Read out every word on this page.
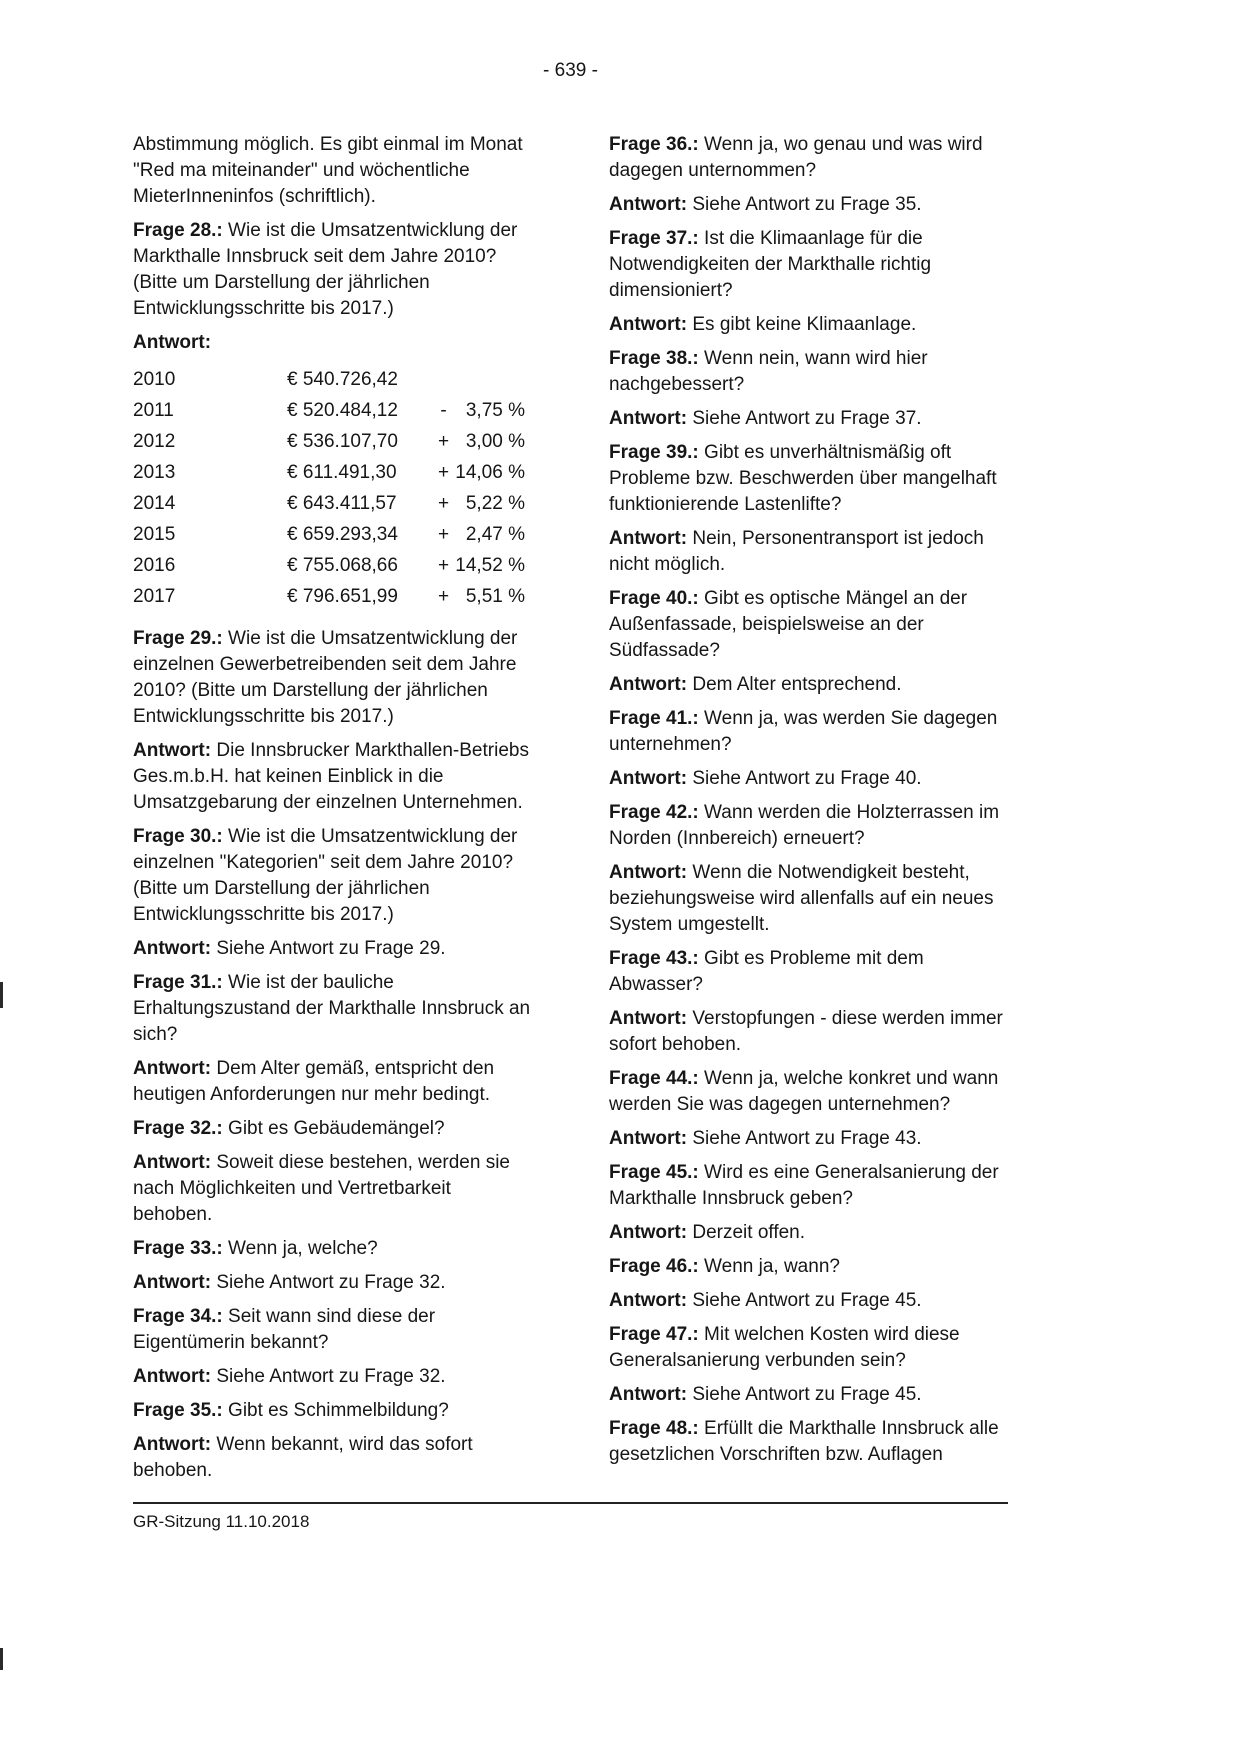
- 639 -

Abstimmung möglich. Es gibt einmal im Monat "Red ma miteinander" und wöchentliche MieterInneninfos (schriftlich).

Frage 28.: Wie ist die Umsatzentwicklung der Markthalle Innsbruck seit dem Jahre 2010? (Bitte um Darstellung der jährlichen Entwicklungsschritte bis 2017.)

Antwort:

2010	€ 540.726,42
2011	€ 520.484,12	-	3,75 %
2012	€ 536.107,70	+ 3,00 %
2013	€ 611.491,30	+ 14,06 %
2014	€ 643.411,57	+ 5,22 %
2015	€ 659.293,34	+ 2,47 %
2016	€ 755.068,66	+ 14,52 %
2017	€ 796.651,99	+ 5,51 %

Frage 29.: Wie ist die Umsatzentwicklung der einzelnen Gewerbetreibenden seit dem Jahre 2010? (Bitte um Darstellung der jährlichen Entwicklungsschritte bis 2017.)

Antwort: Die Innsbrucker Markthallen-Betriebs Ges.m.b.H. hat keinen Einblick in die Umsatzgebarung der einzelnen Unternehmen.

Frage 30.: Wie ist die Umsatzentwicklung der einzelnen "Kategorien" seit dem Jahre 2010? (Bitte um Darstellung der jährlichen Entwicklungsschritte bis 2017.)

Antwort: Siehe Antwort zu Frage 29.

Frage 31.: Wie ist der bauliche Erhaltungszustand der Markthalle Innsbruck an sich?

Antwort: Dem Alter gemäß, entspricht den heutigen Anforderungen nur mehr bedingt.

Frage 32.: Gibt es Gebäudemängel?

Antwort: Soweit diese bestehen, werden sie nach Möglichkeiten und Vertretbarkeit behoben.

Frage 33.: Wenn ja, welche?

Antwort: Siehe Antwort zu Frage 32.

Frage 34.: Seit wann sind diese der Eigentümerin bekannt?

Antwort: Siehe Antwort zu Frage 32.

Frage 35.: Gibt es Schimmelbildung?

Antwort: Wenn bekannt, wird das sofort behoben.

Frage 36.: Wenn ja, wo genau und was wird dagegen unternommen?

Antwort: Siehe Antwort zu Frage 35.

Frage 37.: Ist die Klimaanlage für die Notwendigkeiten der Markthalle richtig dimensioniert?

Antwort: Es gibt keine Klimaanlage.

Frage 38.: Wenn nein, wann wird hier nachgebessert?

Antwort: Siehe Antwort zu Frage 37.

Frage 39.: Gibt es unverhältnismäßig oft Probleme bzw. Beschwerden über mangelhaft funktionierende Lastenlifte?

Antwort: Nein, Personentransport ist jedoch nicht möglich.

Frage 40.: Gibt es optische Mängel an der Außenfassade, beispielsweise an der Südfassade?

Antwort: Dem Alter entsprechend.

Frage 41.: Wenn ja, was werden Sie dagegen unternehmen?

Antwort: Siehe Antwort zu Frage 40.

Frage 42.: Wann werden die Holzterrassen im Norden (Innbereich) erneuert?

Antwort: Wenn die Notwendigkeit besteht, beziehungsweise wird allenfalls auf ein neues System umgestellt.

Frage 43.: Gibt es Probleme mit dem Abwasser?

Antwort: Verstopfungen - diese werden immer sofort behoben.

Frage 44.: Wenn ja, welche konkret und wann werden Sie was dagegen unternehmen?

Antwort: Siehe Antwort zu Frage 43.

Frage 45.: Wird es eine Generalsanierung der Markthalle Innsbruck geben?

Antwort: Derzeit offen.

Frage 46.: Wenn ja, wann?

Antwort: Siehe Antwort zu Frage 45.

Frage 47.: Mit welchen Kosten wird diese Generalsanierung verbunden sein?

Antwort: Siehe Antwort zu Frage 45.

Frage 48.: Erfüllt die Markthalle Innsbruck alle gesetzlichen Vorschriften bzw. Auflagen

GR-Sitzung 11.10.2018
